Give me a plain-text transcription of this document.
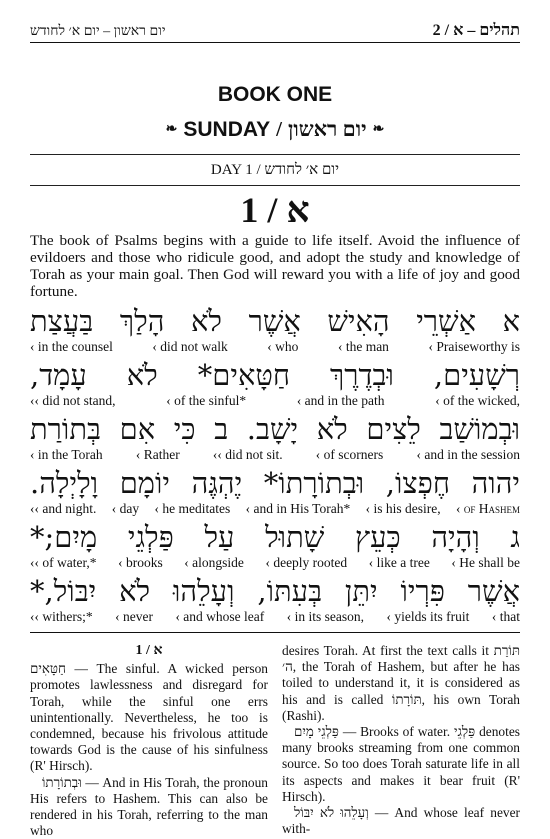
יום ראשון – יום א׳ לחודש	2 / תהלים – א
BOOK ONE
❧ SUNDAY / יום ראשון ❧
DAY 1 / יום א׳ לחודש
1 / א
The book of Psalms begins with a guide to life itself. Avoid the influence of evildoers and those who ridicule good, and adopt the study and knowledge of Torah as your main goal. Then God will reward you with a life of joy and good fortune.
א אַשְׁרֵי הָאִישׁ אֲשֶׁר לֹא הָלַךְ בַּעֲצַת
‹ in the counsel	‹ did not walk	‹ who	‹ the man	‹ Praiseworthy is
רְשָׁעִים, וּבְדֶרֶךְ חַטָּאִים* לֹא עָמָד,
‹‹ did not stand,	‹ of the sinful*	‹ and in the path	‹ of the wicked,
וּבְמוֹשַׁב לֵצִים לֹא יָשָׁב. ב כִּי אִם בְּתוֹרַת
‹ in the Torah ‹ Rather ‹‹ did not sit. ‹ of scorners ‹ and in the session
יהוה חֶפְצוֹ, וּבְתוֹרָתוֹ* יֶהְגֶּה יוֹמָם וָלָיְלָה.
‹‹ and night. ‹ day ‹ he meditates ‹ and in His Torah* ‹ is his desire, ‹ of Hashem
ג וְהָיָה כְּעֵץ שָׁתוּל עַל פַּלְגֵי מָיִם;*
‹‹ of water,* ‹ brooks ‹ alongside ‹ deeply rooted ‹ like a tree ‹ He shall be
אֲשֶׁר פִּרְיוֹ יִתֵּן בְּעִתּוֹ, וְעָלֵהוּ לֹא יִבּוֹל,*
‹‹ withers;* ‹ never ‹ and whose leaf ‹ in its season, ‹ yields its fruit ‹ that
1 / א
חַטָּאִים — The sinful. A wicked person promotes lawlessness and disregard for Torah, while the sinful one errs unintentionally. Nevertheless, he too is condemned, because his frivolous attitude towards God is the cause of his sinfulness (R' Hirsch).
וּבְתוֹרָתוֹ — And in His Torah, the pronoun His refers to Hashem. This can also be rendered in his Torah, referring to the man who
desires Torah. At first the text calls it תּוֹרַת ה׳, the Torah of Hashem, but after he has toiled to understand it, it is considered as his and is called תּוֹרָתוֹ, his own Torah (Rashi).
פַּלְגֵי מָיִם — Brooks of water. פַּלְגֵי denotes many brooks streaming from one common source. So too does Torah saturate life in all its aspects and makes it bear fruit (R' Hirsch).
וְעָלֵהוּ לֹא יִבּוֹל — And whose leaf never with-
